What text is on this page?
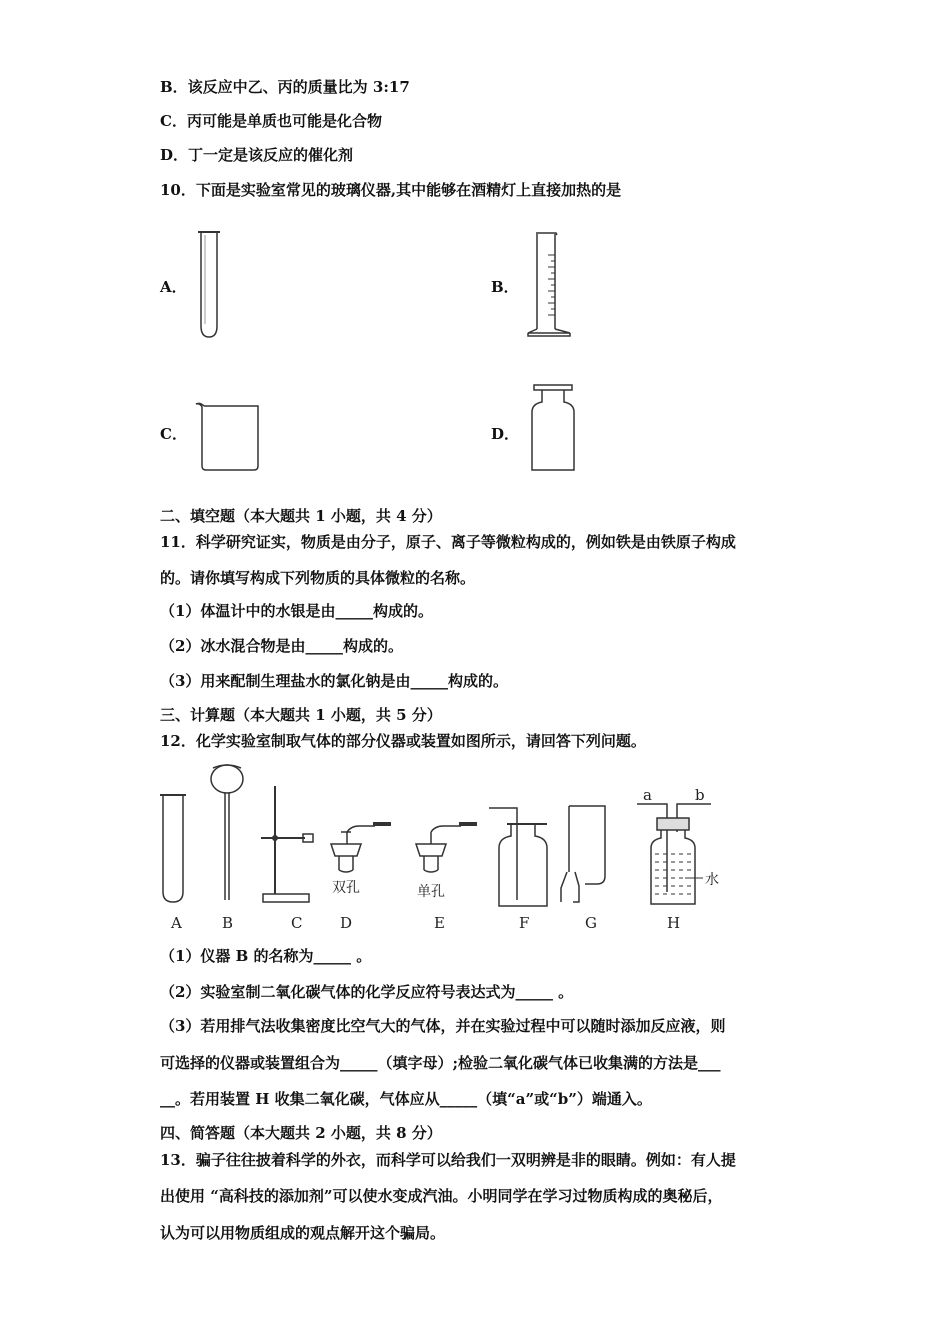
B．该反应中乙、丙的质量比为 3:17
C．丙可能是单质也可能是化合物
D．丁一定是该反应的催化剂
10．下面是实验室常见的玻璃仪器,其中能够在酒精灯上直接加热的是
A．	B．
C．	D．
二、填空题（本大题共 1 小题，共 4 分）
11．科学研究证实，物质是由分子，原子、离子等微粒构成的，例如铁是由铁原子构成
的。请你填写构成下列物质的具体微粒的名称。
（1）体温计中的水银是由_____构成的。
（2）冰水混合物是由_____构成的。
（3）用来配制生理盐水的氯化钠是由_____构成的。
三、计算题（本大题共 1 小题，共 5 分）
12．化学实验室制取气体的部分仪器或装置如图所示，请回答下列问题。
双孔	单孔
a	b
水
A	B	C	D	E	F	G	H
（1）仪器 B 的名称为_____ 。
（2）实验室制二氧化碳气体的化学反应符号表达式为_____ 。
（3）若用排气法收集密度比空气大的气体，并在实验过程中可以随时添加反应液，则
可选择的仪器或装置组合为_____（填字母）;检验二氧化碳气体已收集满的方法是___
__。若用装置 H 收集二氧化碳，气体应从_____（填“a”或“b”）端通入。
四、简答题（本大题共 2 小题，共 8 分）
13．骗子往往披着科学的外衣，而科学可以给我们一双明辨是非的眼睛。例如：有人提
出使用 “高科技的添加剂”可以使水变成汽油。小明同学在学习过物质构成的奥秘后，
认为可以用物质组成的观点解开这个骗局。
